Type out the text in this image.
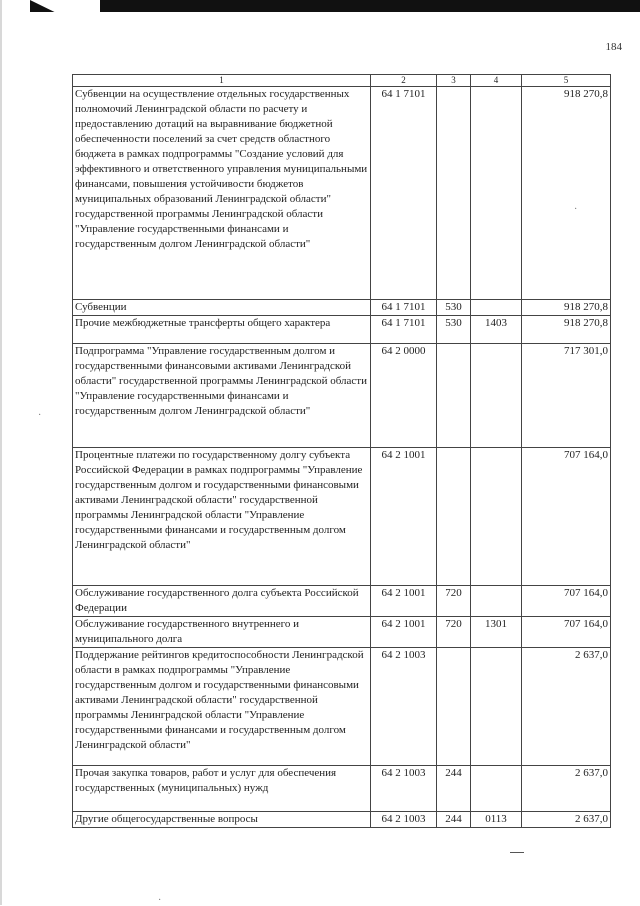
184
1	2	3	4	5
Субвенции на осуществление отдельных государственных полномочий Ленинградской области по расчету и предоставлению дотаций на выравнивание бюджетной обеспеченности поселений за счет средств областного бюджета в рамках подпрограммы "Создание условий для эффективного и ответственного управления муниципальными финансами, повышения устойчивости бюджетов муниципальных образований Ленинградской области" государственной программы Ленинградской области "Управление государственными финансами и государственным долгом Ленинградской области"	64 1 7101			918 270,8
Субвенции	64 1 7101	530		918 270,8
Прочие межбюджетные трансферты общего характера	64 1 7101	530	1403	918 270,8
Подпрограмма "Управление государственным долгом и государственными финансовыми активами Ленинградской области" государственной программы Ленинградской области "Управление государственными финансами и государственным долгом Ленинградской области"	64 2 0000			717 301,0
Процентные платежи по государственному долгу субъекта Российской Федерации в рамках подпрограммы "Управление государственным долгом и государственными финансовыми активами Ленинградской области" государственной программы Ленинградской области "Управление государственными финансами и государственным долгом Ленинградской области"	64 2 1001			707 164,0
Обслуживание государственного долга субъекта Российской Федерации	64 2 1001	720		707 164,0
Обслуживание государственного внутреннего и муниципального долга	64 2 1001	720	1301	707 164,0
Поддержание рейтингов кредитоспособности Ленинградской области в рамках подпрограммы "Управление государственным долгом и государственными финансовыми активами Ленинградской области" государственной программы Ленинградской области "Управление государственными финансами и государственным долгом Ленинградской области"	64 2 1003			2 637,0
Прочая закупка товаров, работ и услуг для обеспечения государственных (муниципальных) нужд	64 2 1003	244		2 637,0
Другие общегосударственные вопросы	64 2 1003	244	0113	2 637,0
·
·
·
